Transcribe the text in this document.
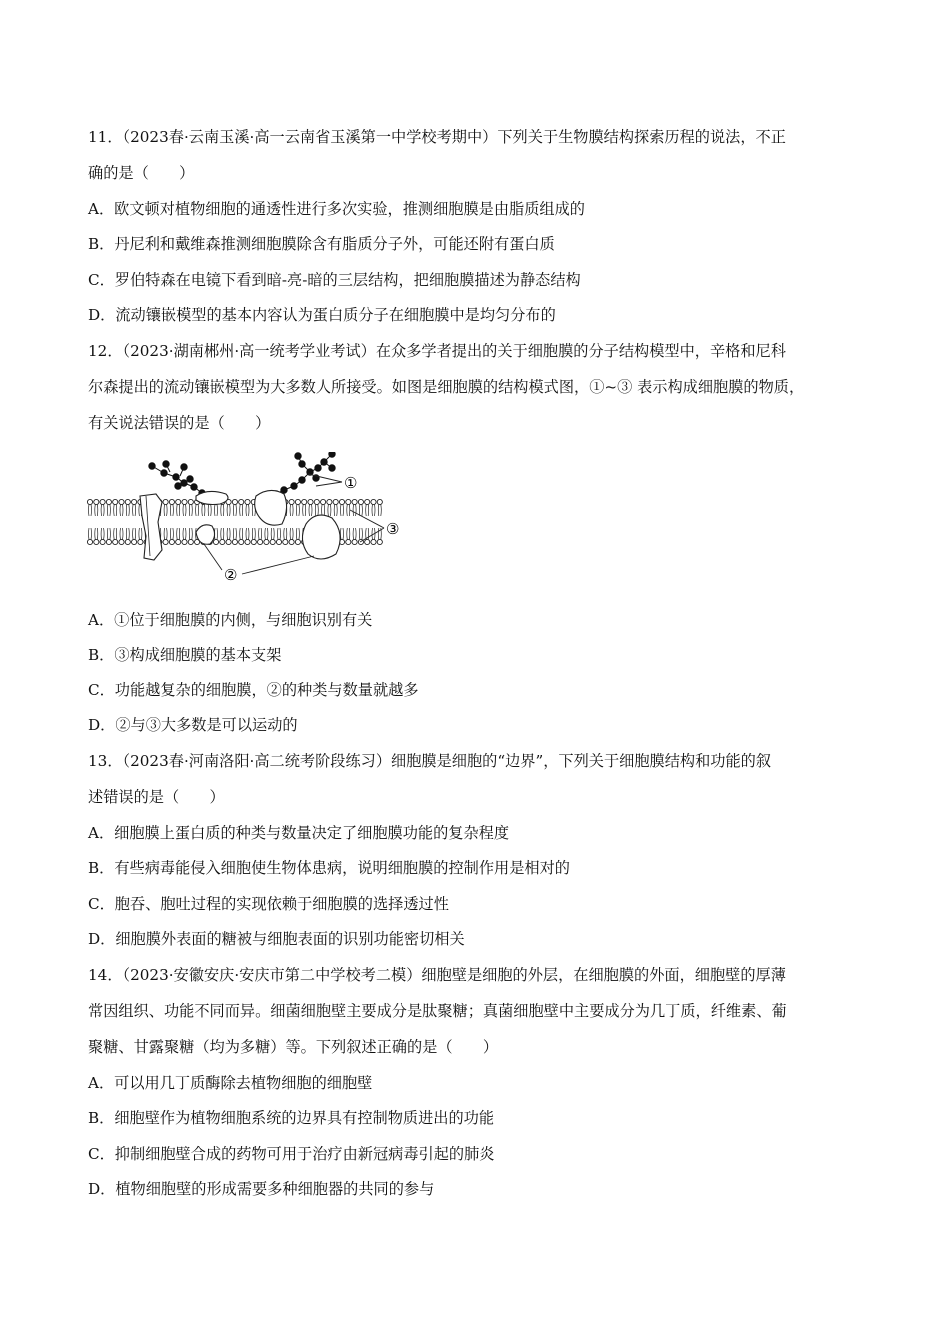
11．（2023春·云南玉溪·高一云南省玉溪第一中学校考期中）下列关于生物膜结构探索历程的说法，不正
确的是（　　）
A．欧文顿对植物细胞的通透性进行多次实验，推测细胞膜是由脂质组成的
B．丹尼利和戴维森推测细胞膜除含有脂质分子外，可能还附有蛋白质
C．罗伯特森在电镜下看到暗-亮-暗的三层结构，把细胞膜描述为静态结构
D．流动镶嵌模型的基本内容认为蛋白质分子在细胞膜中是均匀分布的
12．（2023·湖南郴州·高一统考学业考试）在众多学者提出的关于细胞膜的分子结构模型中，辛格和尼科
尔森提出的流动镶嵌模型为大多数人所接受。如图是细胞膜的结构模式图，①~③ 表示构成细胞膜的物质，
有关说法错误的是（　　）
①
③
②
A．①位于细胞膜的内侧，与细胞识别有关
B．③构成细胞膜的基本支架
C．功能越复杂的细胞膜，②的种类与数量就越多
D．②与③大多数是可以运动的
13．（2023春·河南洛阳·高二统考阶段练习）细胞膜是细胞的“边界”，下列关于细胞膜结构和功能的叙
述错误的是（　　）
A．细胞膜上蛋白质的种类与数量决定了细胞膜功能的复杂程度
B．有些病毒能侵入细胞使生物体患病，说明细胞膜的控制作用是相对的
C．胞吞、胞吐过程的实现依赖于细胞膜的选择透过性
D．细胞膜外表面的糖被与细胞表面的识别功能密切相关
14．（2023·安徽安庆·安庆市第二中学校考二模）细胞壁是细胞的外层，在细胞膜的外面，细胞壁的厚薄
常因组织、功能不同而异。细菌细胞壁主要成分是肽聚糖；真菌细胞壁中主要成分为几丁质，纤维素、葡
聚糖、甘露聚糖（均为多糖）等。下列叙述正确的是（　　）
A．可以用几丁质酶除去植物细胞的细胞壁
B．细胞壁作为植物细胞系统的边界具有控制物质进出的功能
C．抑制细胞壁合成的药物可用于治疗由新冠病毒引起的肺炎
D．植物细胞壁的形成需要多种细胞器的共同的参与
